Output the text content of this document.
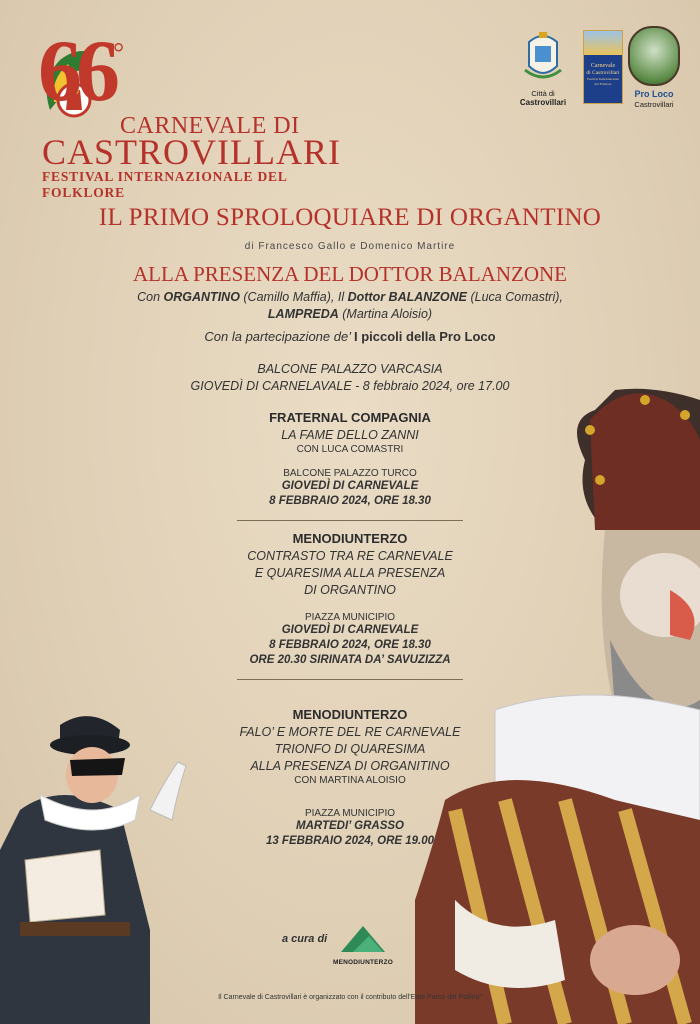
66 °
CARNEVALE DI
CASTROVILLARI
FESTIVAL INTERNAZIONALE DEL FOLKLORE
Città di
Castrovillari
Carnevale
di Castrovillari
Festival Internazionale del Folklore
Pro Loco
Castrovillari
IL PRIMO SPROLOQUIARE DI ORGANTINO
di Francesco Gallo e Domenico Martire
ALLA PRESENZA DEL DOTTOR BALANZONE
Con ORGANTINO (Camillo Maffia), Il Dottor BALANZONE (Luca Comastri),
LAMPREDA (Martina Aloisio)
Con la partecipazione de’ I piccoli della Pro Loco
BALCONE PALAZZO VARCASIA
GIOVEDÌ DI CARNELAVALE - 8 febbraio 2024, ore 17.00
FRATERNAL COMPAGNIA
LA FAME DELLO ZANNI
CON LUCA COMASTRI
BALCONE PALAZZO TURCO
GIOVEDÌ DI CARNEVALE
8 FEBBRAIO 2024, ORE 18.30
MENODIUNTERZO
CONTRASTO TRA RE CARNEVALE
E QUARESIMA ALLA PRESENZA
DI ORGANTINO
PIAZZA MUNICIPIO
GIOVEDÌ DI CARNEVALE
8 FEBBRAIO 2024, ORE 18.30
ORE 20.30 SIRINATA DA’ SAVUZIZZA
MENODIUNTERZO
FALO’ E MORTE DEL RE CARNEVALE
TRIONFO DI QUARESIMA
ALLA PRESENZA DI ORGANITINO
CON MARTINA ALOISIO
PIAZZA MUNICIPIO
MARTEDI’ GRASSO
13 FEBBRAIO 2024, ORE 19.00
a cura di
MENODIUNTERZO
Il Carnevale di Castrovillari è organizzato con il contributo dell’Ente Parco del Pollino”
